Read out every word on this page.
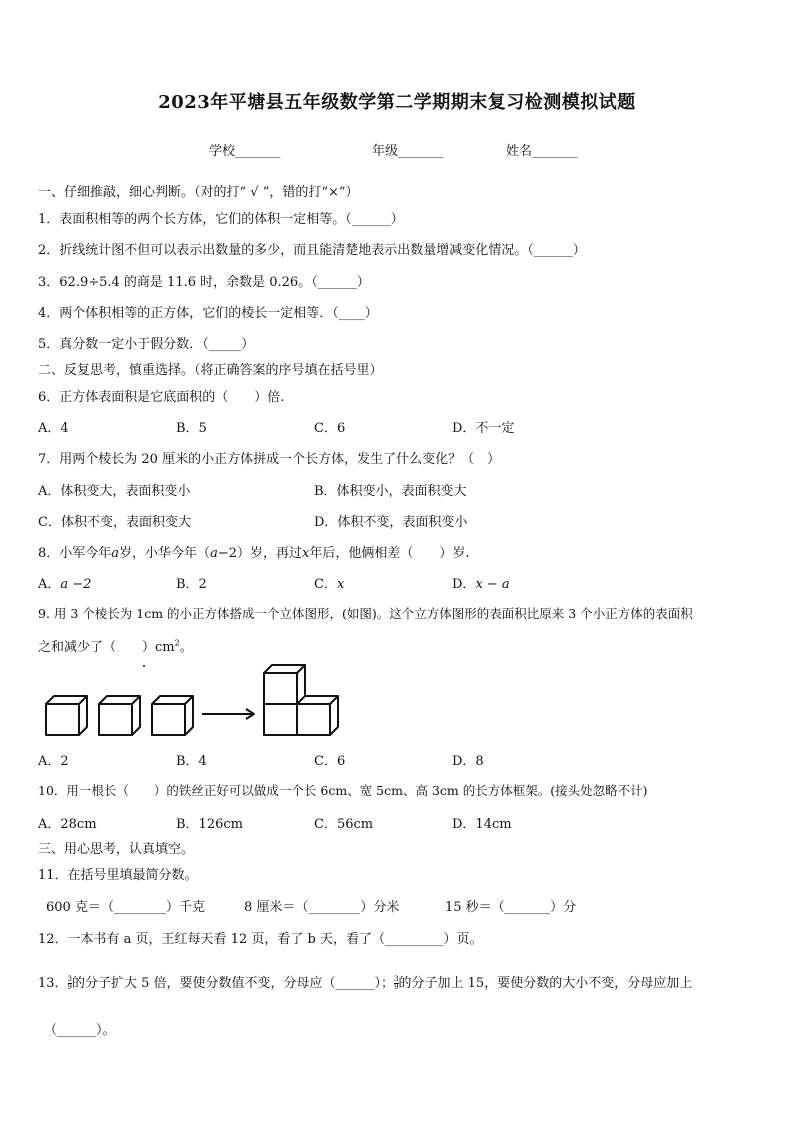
2023年平塘县五年级数学第二学期期末复习检测模拟试题
学校_______	年级_______	姓名_______
一、仔细推敲，细心判断。（对的打“ √ ”，错的打“×”）
1．表面积相等的两个长方体，它们的体积一定相等。（______）
2．折线统计图不但可以表示出数量的多少，而且能清楚地表示出数量增减变化情况。（______）
3．62.9÷5.4 的商是 11.6 时，余数是 0.26。（______）
4．两个体积相等的正方体，它们的棱长一定相等．（____）
5．真分数一定小于假分数．（_____）
二、反复思考，慎重选择。（将正确答案的序号填在括号里）
6．正方体表面积是它底面积的（　　）倍.
A．4	B．5	C．6	D．不一定
7．用两个棱长为 20 厘米的小正方体拼成一个长方体，发生了什么变化？（　）
A．体积变大，表面积变小	B．体积变小，表面积变大
C．体积不变，表面积变大	D．体积不变，表面积变小
8．小军今年a岁，小华今年（a−2）岁，再过x年后，他俩相差（　　）岁.
A．a −2	B．2	C．x	D．x − a
9. 用 3 个棱长为 1cm 的小正方体搭成一个立体图形，(如图)。这个立方体图形的表面积比原来 3 个小正方体的表面积
之和减少了（　　）$cm^2$。
A．2	B．4	C．6	D．8
10．用一根长（　　）的铁丝正好可以做成一个长 6cm、宽 5cm、高 3cm 的长方体框架。(接头处忽略不计)
A．28cm	B．126cm	C．56cm	D．14cm
三、用心思考，认真填空。
11．在括号里填最简分数。
600 克＝（________）千克	8 厘米＝（________）分米	15 秒＝（_______）分
12．一本书有 a 页，王红每天看 12 页，看了 b 天，看了（_________）页。
13． $\frac{3}{9}$ 的分子扩大 5 倍，要使分数值不变，分母应（______）； $\frac{3}{9}$ 的分子加上 15，要使分数的大小不变，分母应加上
（______）。
